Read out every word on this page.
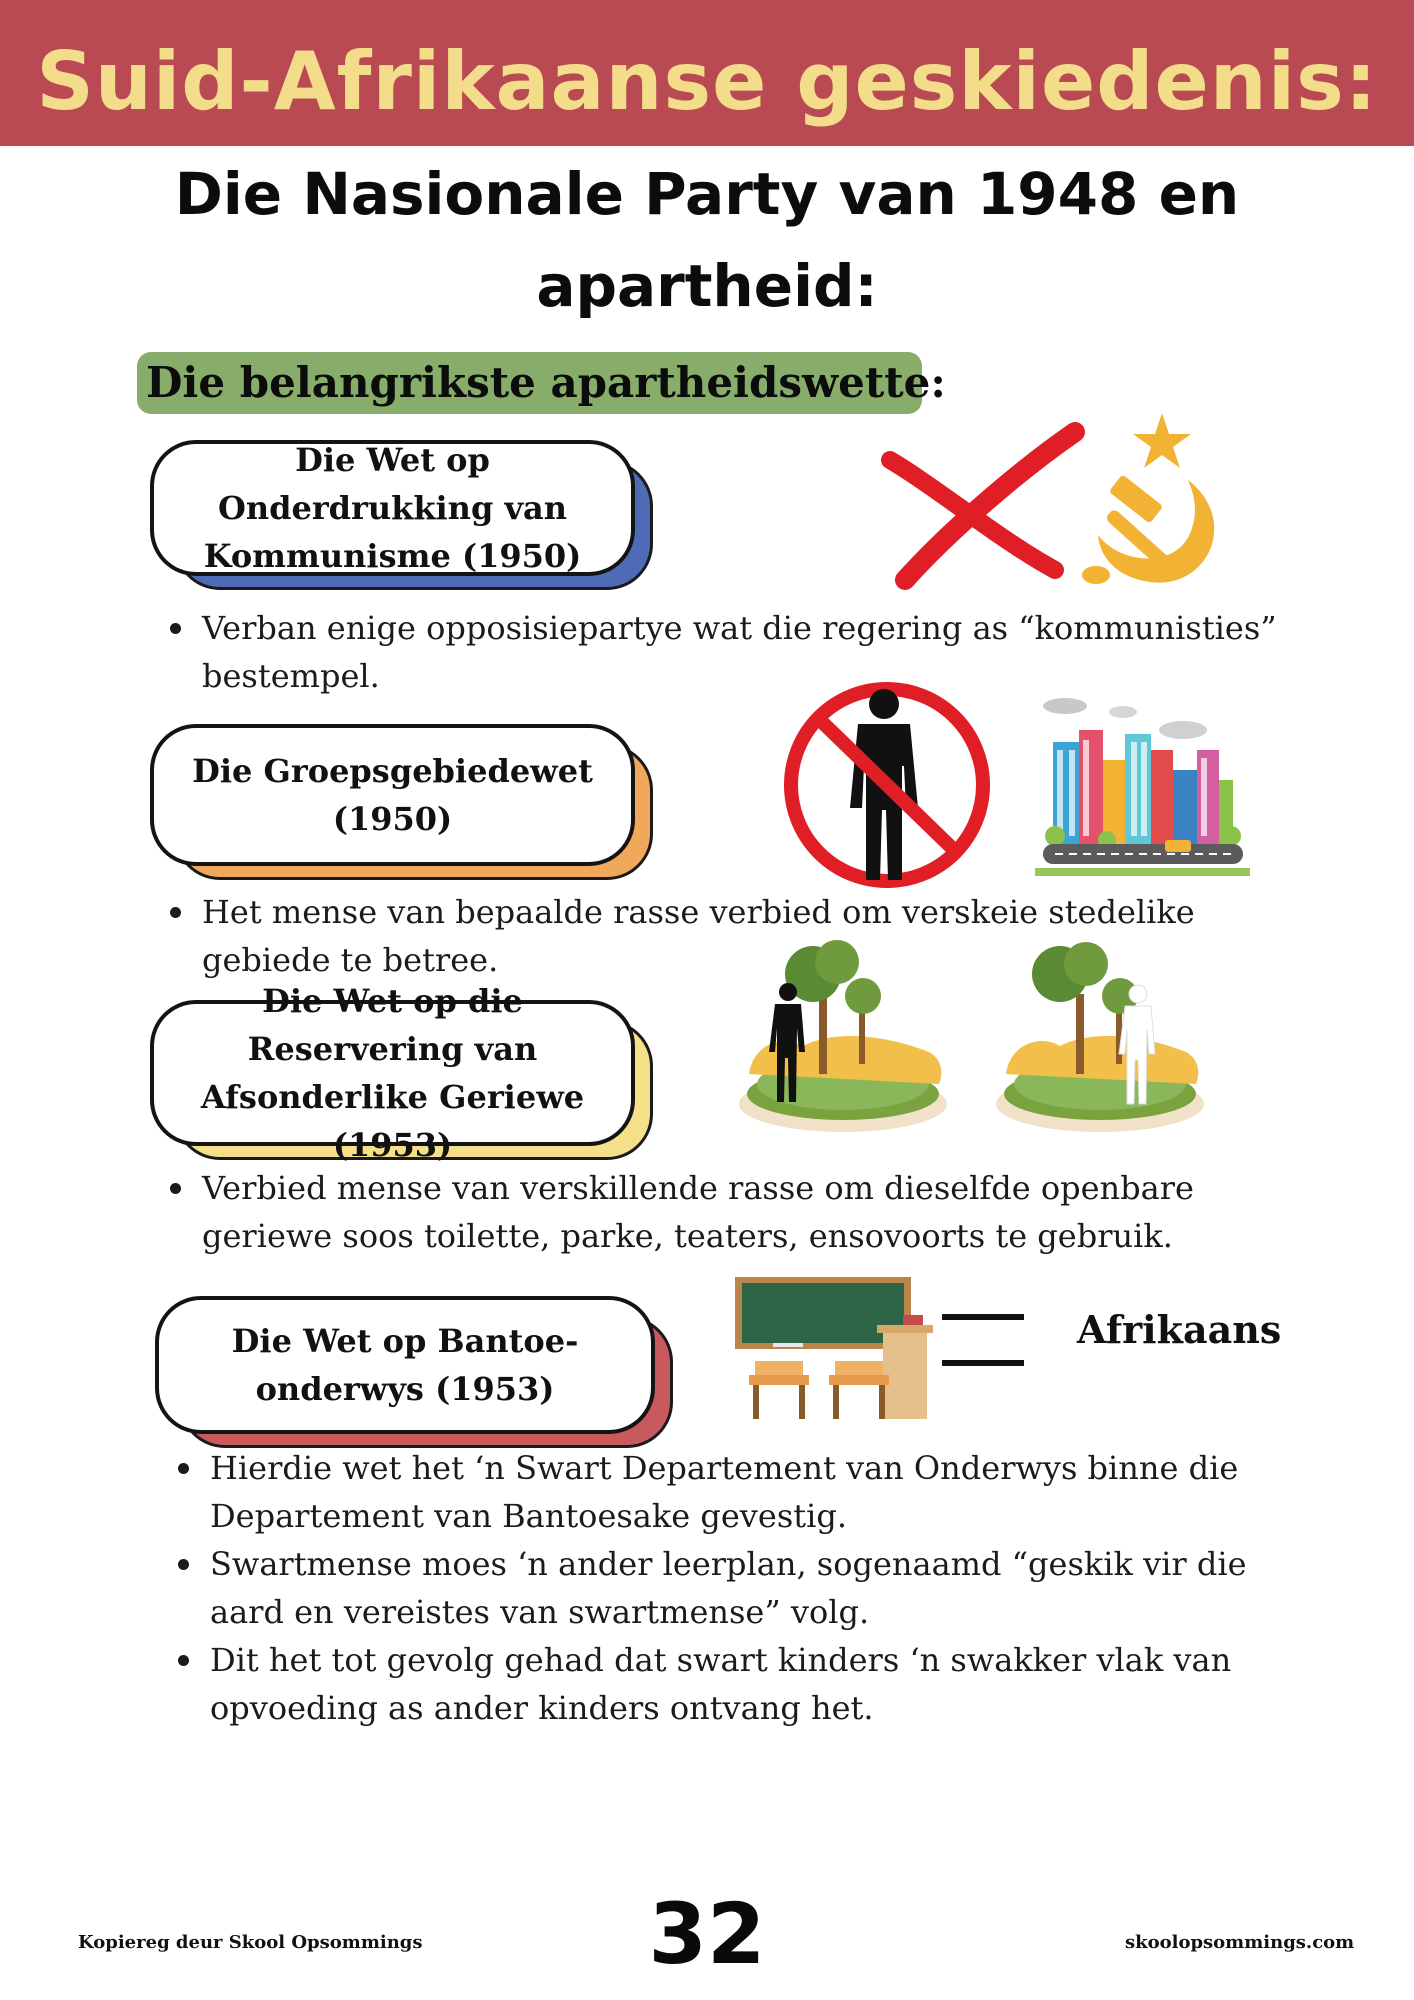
Suid-Afrikaanse geskiedenis:
Die Nasionale Party van 1948 en apartheid:
Die belangrikste apartheidswette:
Die Wet op Onderdrukking van Kommunisme (1950)
Verban enige opposisiepartye wat die regering as “kommunisties” bestempel.
Die Groepsgebiedewet (1950)
Het mense van bepaalde rasse verbied om verskeie stedelike gebiede te betree.
Die Wet op die Reservering van Afsonderlike Geriewe (1953)
Verbied mense van verskillende rasse om dieselfde openbare geriewe soos toilette, parke, teaters, ensovoorts te gebruik.
Die Wet op Bantoe-onderwys (1953)
Hierdie wet het ‘n Swart Departement van Onderwys binne die Departement van Bantoesake gevestig.
Swartmense moes ‘n ander leerplan, sogenaamd “geskik vir die aard en vereistes van swartmense” volg.
Dit het tot gevolg gehad dat swart kinders ‘n swakker vlak van opvoeding as ander kinders ontvang het.
Afrikaans
Kopiereg deur Skool Opsommings	32	skoolopsommings.com
